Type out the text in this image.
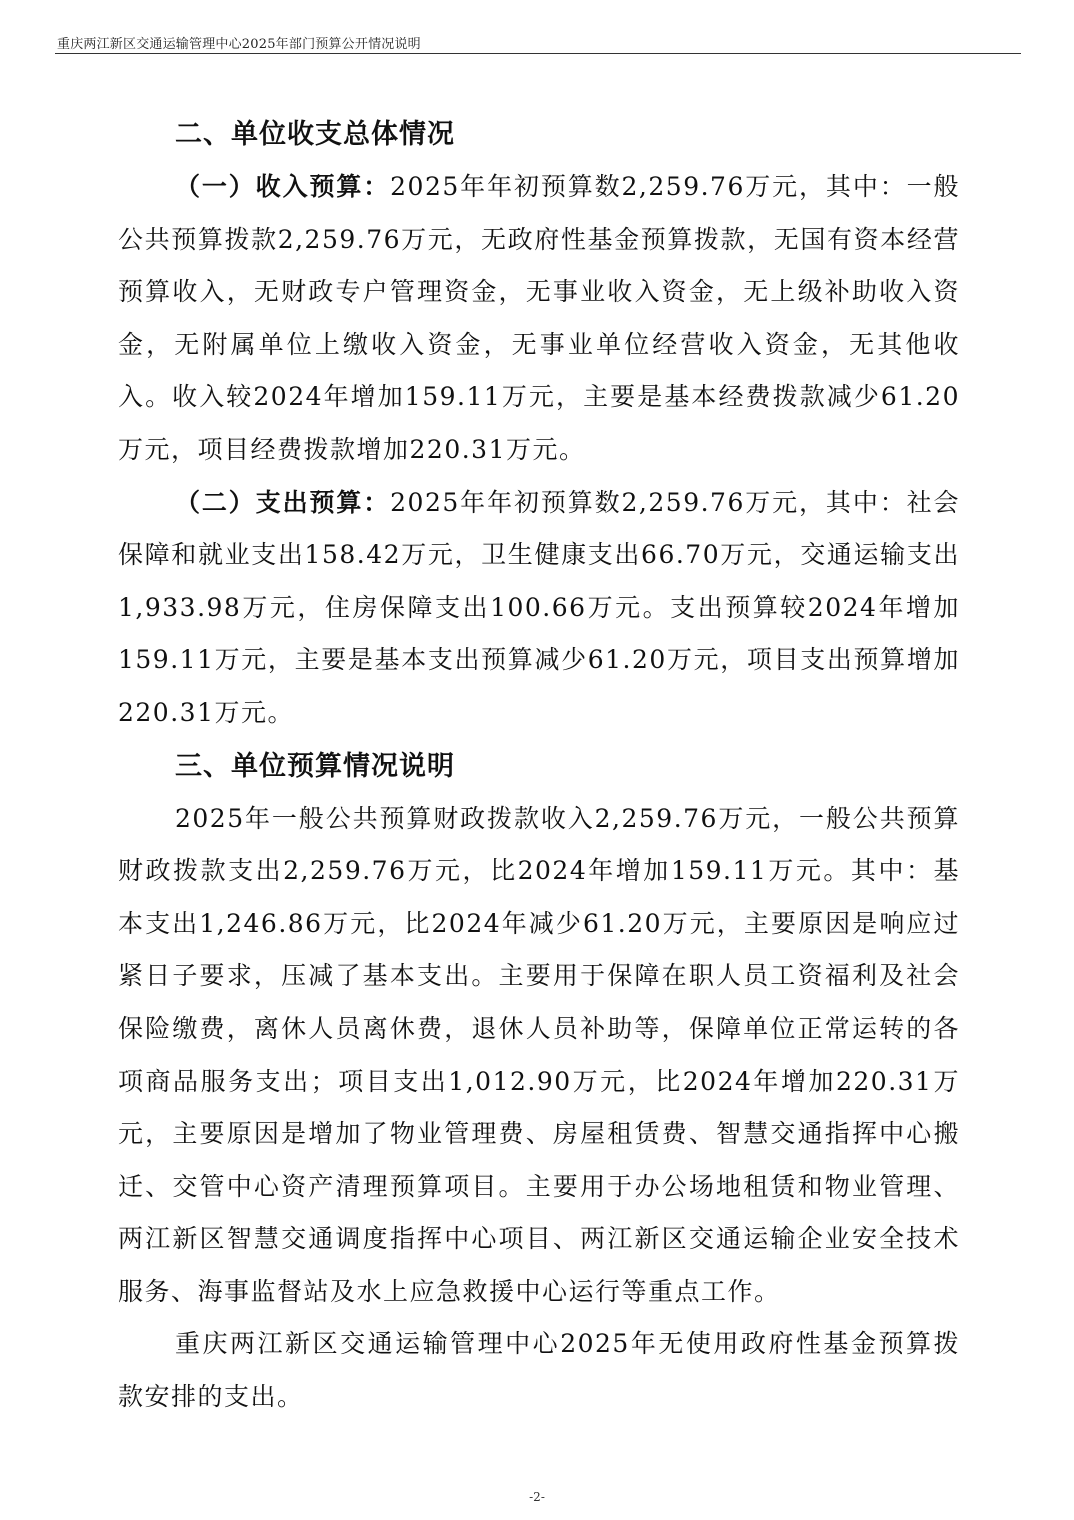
重庆两江新区交通运输管理中心2025年部门预算公开情况说明
二、单位收支总体情况

（一）收入预算：2025年年初预算数2,259.76万元，其中：一般公共预算拨款2,259.76万元，无政府性基金预算拨款，无国有资本经营预算收入，无财政专户管理资金，无事业收入资金，无上级补助收入资金，无附属单位上缴收入资金，无事业单位经营收入资金，无其他收入。收入较2024年增加159.11万元，主要是基本经费拨款减少61.20万元，项目经费拨款增加220.31万元。

（二）支出预算：2025年年初预算数2,259.76万元，其中：社会保障和就业支出158.42万元，卫生健康支出66.70万元，交通运输支出1,933.98万元，住房保障支出100.66万元。支出预算较2024年增加159.11万元，主要是基本支出预算减少61.20万元，项目支出预算增加220.31万元。

三、单位预算情况说明

2025年一般公共预算财政拨款收入2,259.76万元，一般公共预算财政拨款支出2,259.76万元，比2024年增加159.11万元。其中：基本支出1,246.86万元，比2024年减少61.20万元，主要原因是响应过紧日子要求，压减了基本支出。主要用于保障在职人员工资福利及社会保险缴费，离休人员离休费，退休人员补助等，保障单位正常运转的各项商品服务支出；项目支出1,012.90万元，比2024年增加220.31万元，主要原因是增加了物业管理费、房屋租赁费、智慧交通指挥中心搬迁、交管中心资产清理预算项目。主要用于办公场地租赁和物业管理、两江新区智慧交通调度指挥中心项目、两江新区交通运输企业安全技术服务、海事监督站及水上应急救援中心运行等重点工作。

重庆两江新区交通运输管理中心2025年无使用政府性基金预算拨款安排的支出。

-2-
